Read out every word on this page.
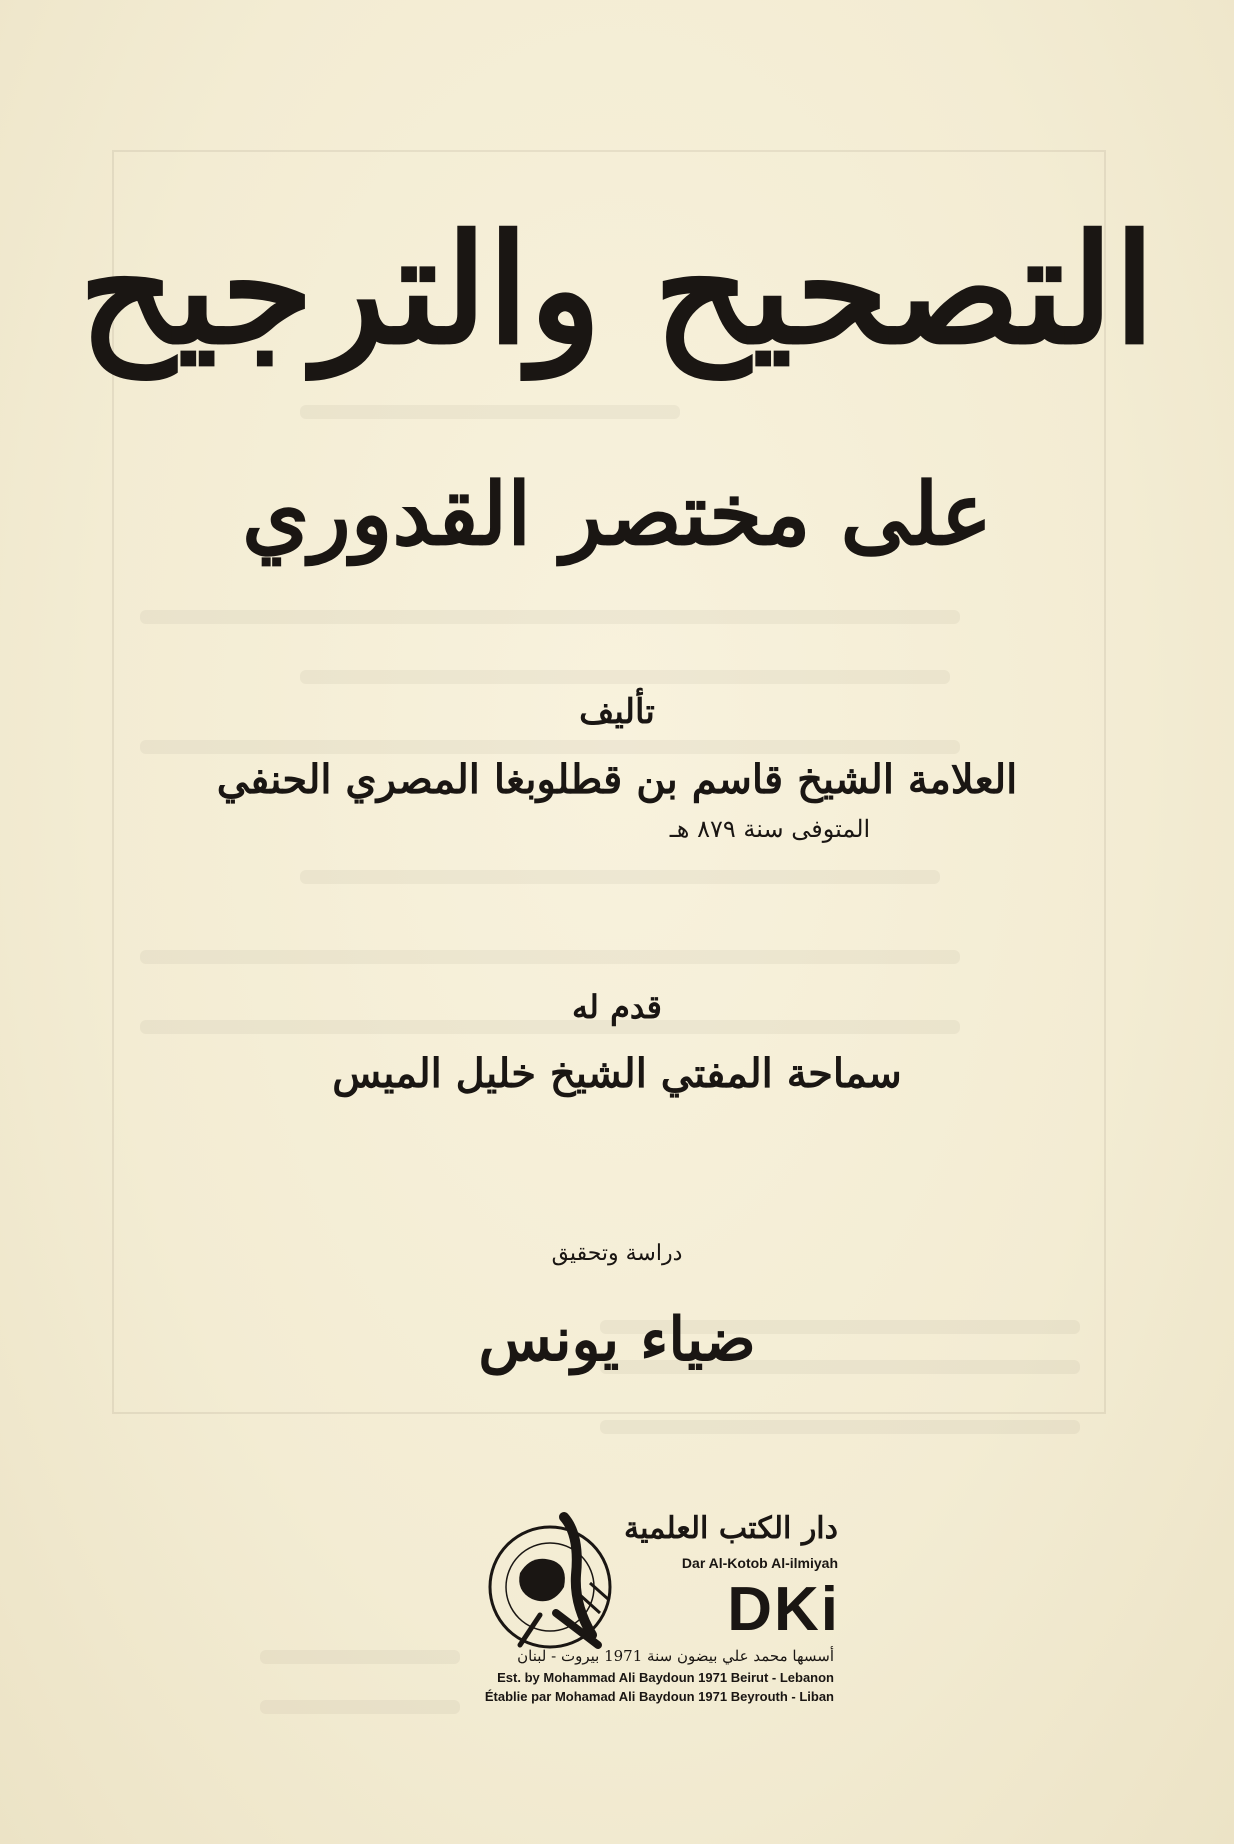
التصحيح والترجيح
على مختصر القدوري
تأليف
العلامة الشيخ قاسم بن قطلوبغا المصري الحنفي
المتوفى سنة ٨٧٩ هـ
قدم له
سماحة المفتي الشيخ خليل الميس
دراسة وتحقيق
ضياء يونس
دار الكتب العلمية
Dar Al-Kotob Al-ilmiyah
DKi
أسسها محمد علي بيضون سنة 1971 بيروت - لبنان
Est. by Mohammad Ali Baydoun 1971 Beirut - Lebanon
Établie par Mohamad Ali Baydoun 1971 Beyrouth - Liban
